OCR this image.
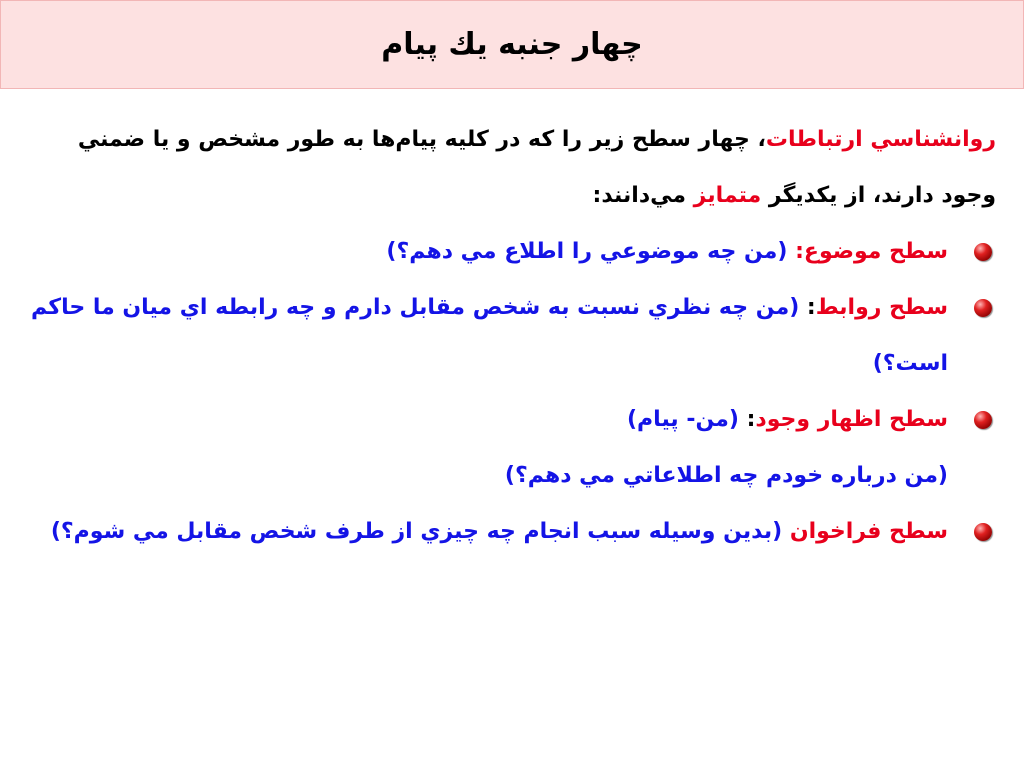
چهار جنبه يك پيام

روانشناسي ارتباطات، چهار سطح زير را که در کليه پيام‌ها به طور مشخص و يا ضمني وجود دارند، از يکديگر متمايز مي‌دانند:

سطح موضوع: (من چه موضوعي را اطلاع مي دهم؟)

سطح روابط: (من چه نظري نسبت به شخص مقابل دارم و چه رابطه اي ميان ما حاکم است؟)

سطح اظهار وجود: (من- پيام)

(من درباره خودم چه اطلاعاتي مي دهم؟)

سطح فراخوان (بدين وسيله سبب انجام چه چيزي از طرف شخص مقابل مي شوم؟)
